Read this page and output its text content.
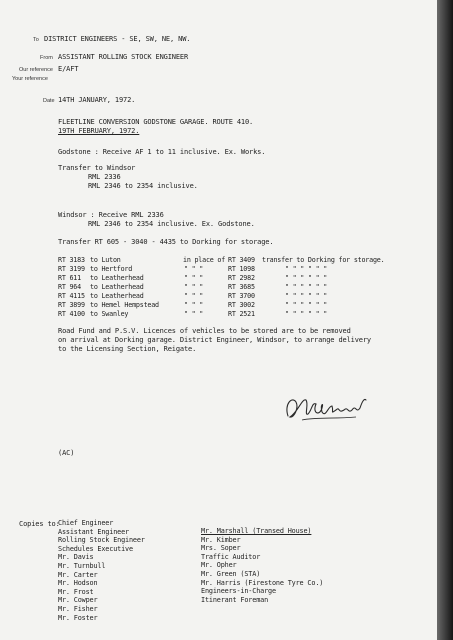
To DISTRICT ENGINEERS - SE, SW, NE, NW.
From ASSISTANT ROLLING STOCK ENGINEER
Our reference E/AFT
Your reference
Date 14TH JANUARY, 1972.
FLEETLINE CONVERSION GODSTONE GARAGE. ROUTE 410.
19TH FEBRUARY, 1972.
Godstone : Receive AF 1 to 11 inclusive. Ex. Works.
Transfer to Windsor
RML 2336
RML 2346 to 2354 inclusive.
Windsor : Receive RML 2336
RML 2346 to 2354 inclusive. Ex. Godstone.
Transfer RT 605 - 3040 - 4435 to Dorking for storage.
RT 3183 to Luton	in place of RT 3409 transfer to Dorking for storage.
RT 3199 to Hertford	" " "	RT 1098	" " " " " "
RT 611 to Leatherhead	" " "	RT 2982	" " " " " "
RT 964 to Leatherhead	" " "	RT 3685	" " " " " "
RT 4115 to Leatherhead	" " "	RT 3700	" " " " " "
RT 3899 to Hemel Hempstead	" " "	RT 3002	" " " " " "
RT 4100 to Swanley	" " "	RT 2521	" " " " " "
Road Fund and P.S.V. Licences of vehicles to be stored are to be removed
on arrival at Dorking garage. District Engineer, Windsor, to arrange delivery
to the Licensing Section, Reigate.
(AC)
Copies to:
Chief Engineer
Assistant Engineer
Rolling Stock Engineer
Schedules Executive
Mr. Davis
Mr. Turnbull
Mr. Carter
Mr. Hodson
Mr. Frost
Mr. Cowper
Mr. Fisher
Mr. Foster
Mr. Marshall (Transed House)
Mr. Kimber
Mrs. Soper
Traffic Auditor
Mr. Opher
Mr. Green (STA)
Mr. Harris (Firestone Tyre Co.)
Engineers-in-Charge
Itinerant Foreman
